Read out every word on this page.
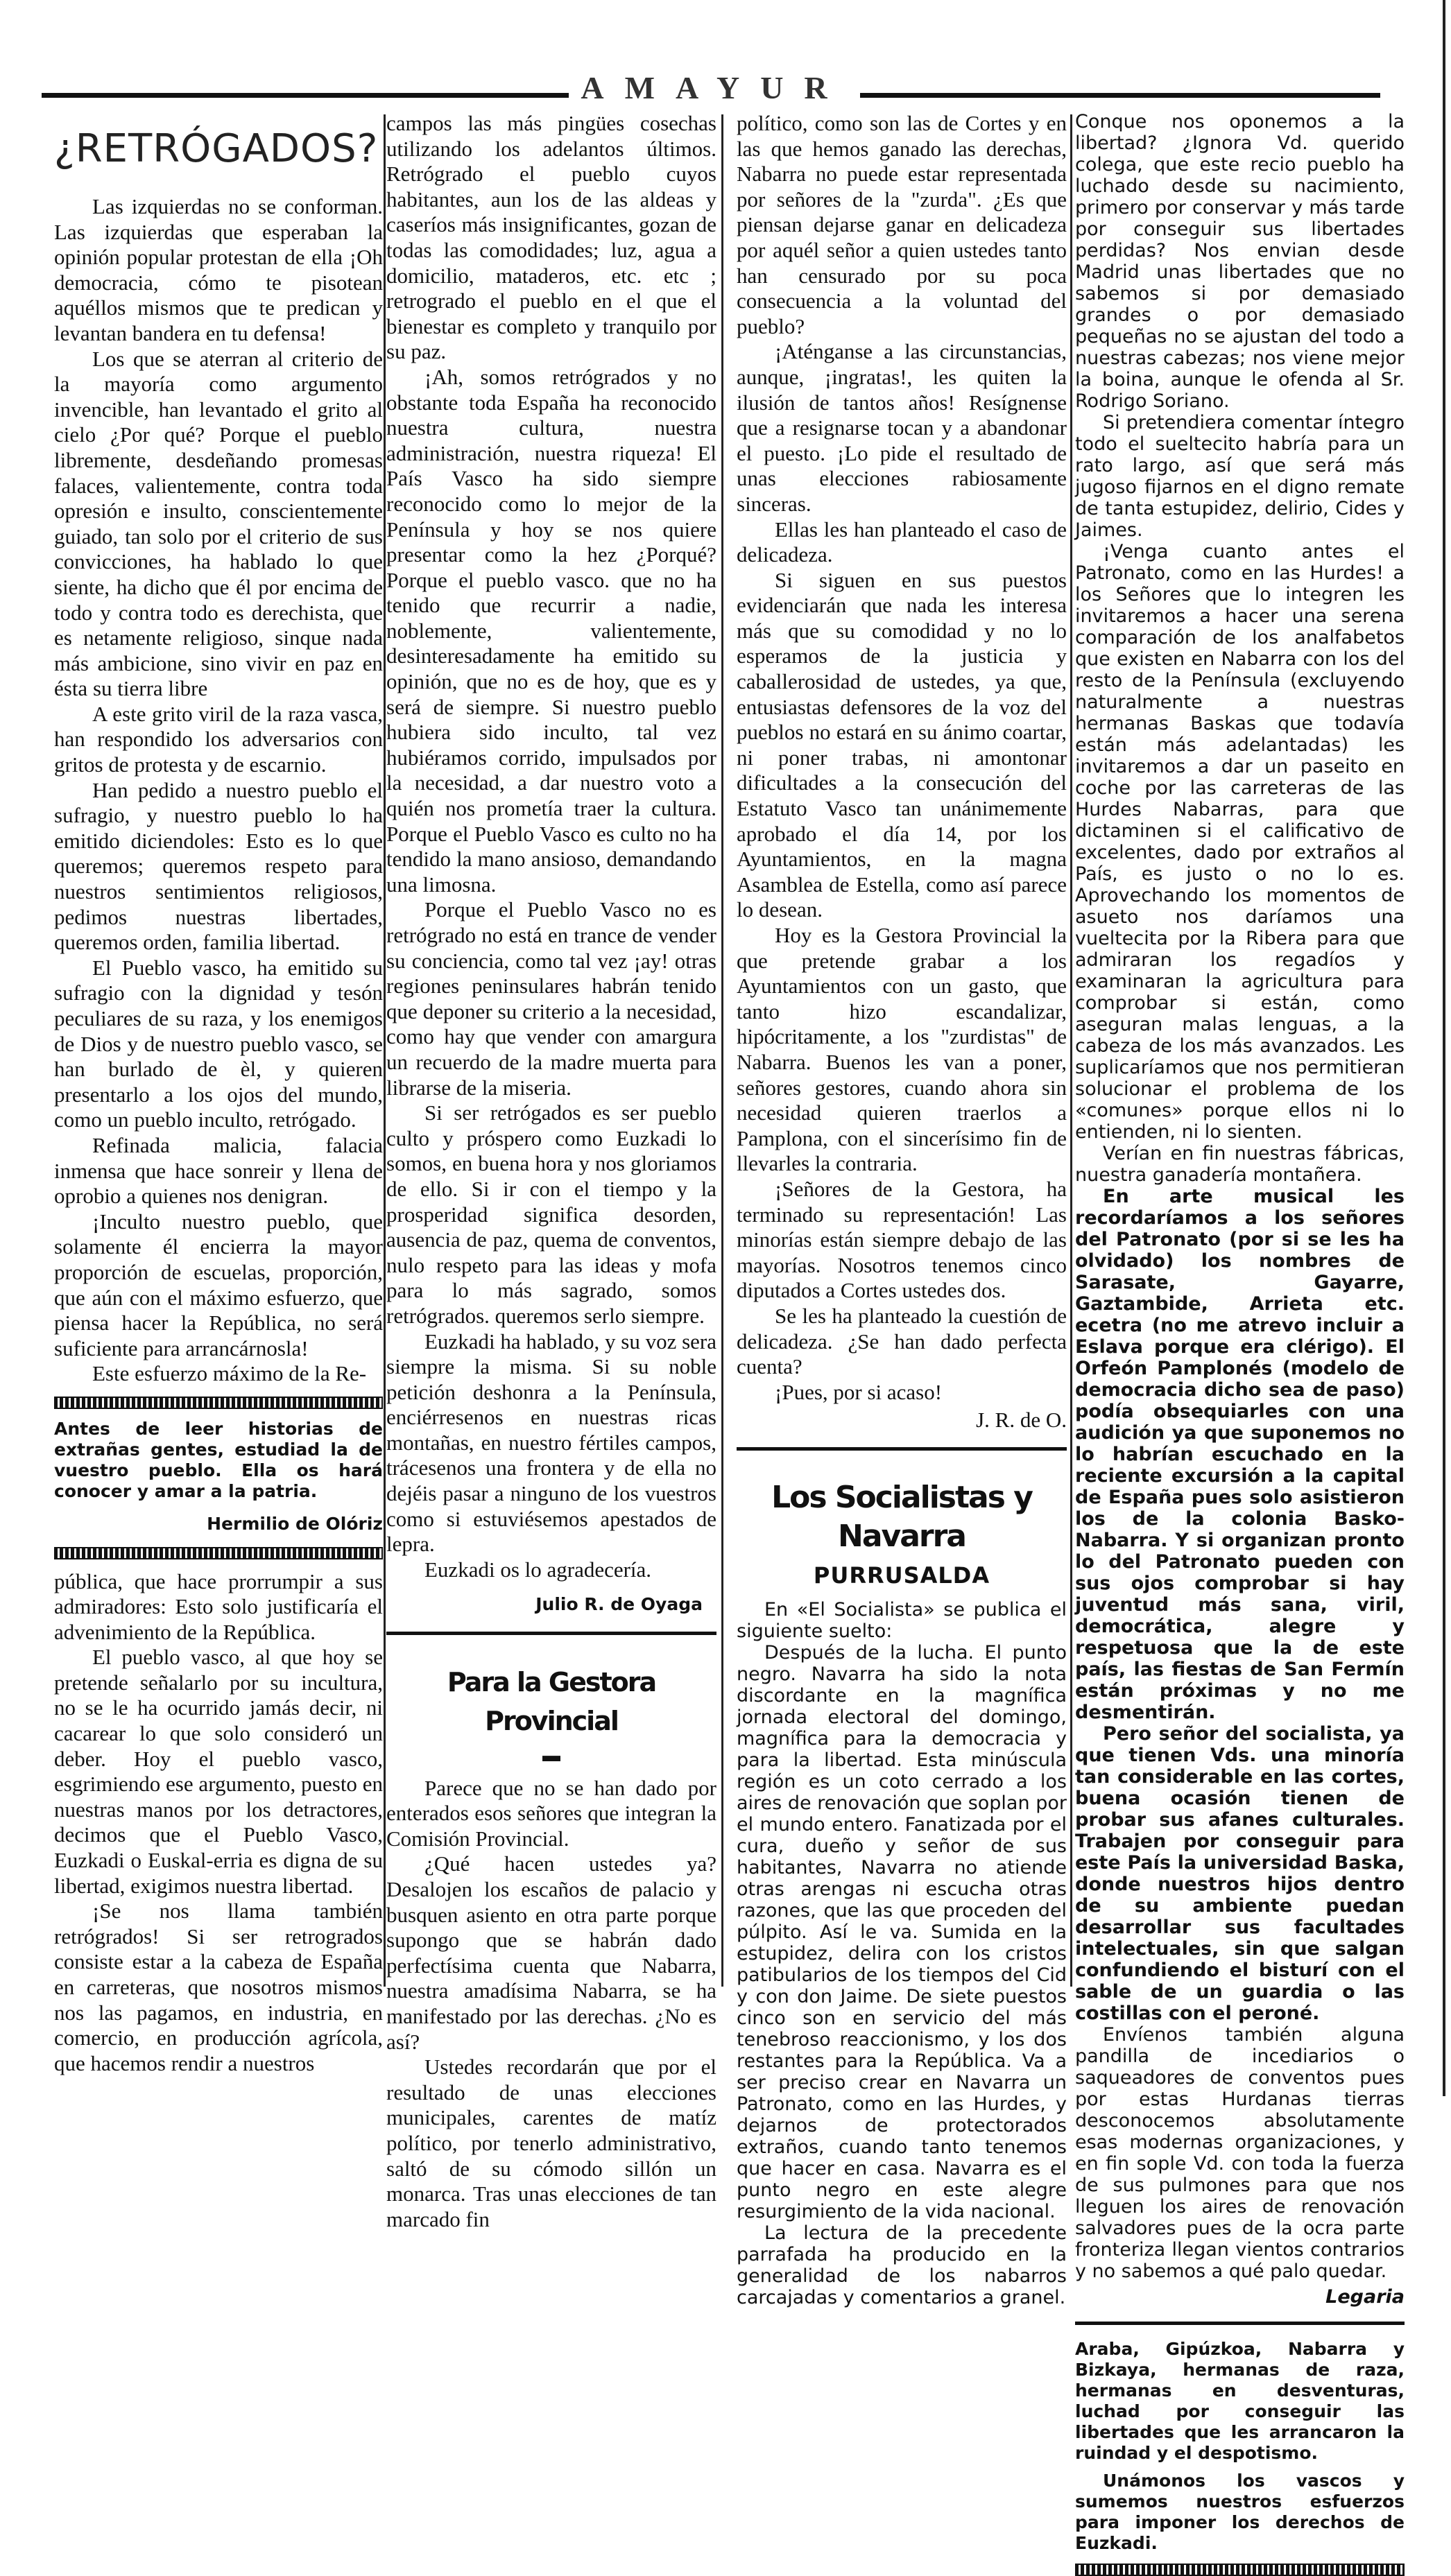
AMAYUR
¿RETRÓGADOS?

Las izquierdas no se conforman. Las izquierdas que esperaban la opinión popular protestan de ella ¡Oh democracia, cómo te pisotean aquéllos mismos que te predican y levantan bandera en tu defensa!

Los que se aterran al criterio de la mayoría como argumento invencible, han levantado el grito al cielo ¿Por qué? Porque el pueblo libremente, desdeñando promesas falaces, valientemente, contra toda opresión e insulto, conscientemente guiado, tan solo por el criterio de sus convicciones, ha hablado lo que siente, ha dicho que él por encima de todo y contra todo es derechista, que es netamente religioso, sinque nada más ambicione, sino vivir en paz en ésta su tierra libre

A este grito viril de la raza vasca, han respondido los adversarios con gritos de protesta y de escarnio.

Han pedido a nuestro pueblo el sufragio, y nuestro pueblo lo ha emitido diciendoles: Esto es lo que queremos; queremos respeto para nuestros sentimientos religiosos, pedimos nuestras libertades, queremos orden, familia libertad.

El Pueblo vasco, ha emitido su sufragio con la dignidad y tesón peculiares de su raza, y los enemigos de Dios y de nuestro pueblo vasco, se han burlado de èl, y quieren presentarlo a los ojos del mundo, como un pueblo inculto, retrógado.

Refinada malicia, falacia inmensa que hace sonreir y llena de oprobio a quienes nos denigran.

¡Inculto nuestro pueblo, que solamente él encierra la mayor proporción de escuelas, proporción, que aún con el máximo esfuerzo, que piensa hacer la República, no será suficiente para arrancárnosla!

Este esfuerzo máximo de la Re-

Antes de leer historias de extrañas gentes, estudiad la de vuestro pueblo. Ella os hará conocer y amar a la patria.
Hermilio de Olóriz

pública, que hace prorrumpir a sus admiradores: Esto solo justificaría el advenimiento de la República.

El pueblo vasco, al que hoy se pretende señalarlo por su incultura, no se le ha ocurrido jamás decir, ni cacarear lo que solo consideró un deber. Hoy el pueblo vasco, esgrimiendo ese argumento, puesto en nuestras manos por los detractores, decimos que el Pueblo Vasco, Euzkadi o Euskal-erria es digna de su libertad, exigimos nuestra libertad.

¡Se nos llama también retrógrados! Si ser retrogrados consiste estar a la cabeza de España en carreteras, que nosotros mismos nos las pagamos, en industria, en comercio, en producción agrícola, que hacemos rendir a nuestros

campos las más pingües cosechas utilizando los adelantos últimos. Retrógrado el pueblo cuyos habitantes, aun los de las aldeas y caseríos más insignificantes, gozan de todas las comodidades; luz, agua a domicilio, mataderos, etc. etc ; retrogrado el pueblo en el que el bienestar es completo y tranquilo por su paz.

¡Ah, somos retrógrados y no obstante toda España ha reconocido nuestra cultura, nuestra administración, nuestra riqueza! El País Vasco ha sido siempre reconocido como lo mejor de la Península y hoy se nos quiere presentar como la hez ¿Porqué? Porque el pueblo vasco. que no ha tenido que recurrir a nadie, noblemente, valientemente, desinteresadamente ha emitido su opinión, que no es de hoy, que es y será de siempre. Si nuestro pueblo hubiera sido inculto, tal vez hubiéramos corrido, impulsados por la necesidad, a dar nuestro voto a quién nos prometía traer la cultura. Porque el Pueblo Vasco es culto no ha tendido la mano ansioso, demandando una limosna.

Porque el Pueblo Vasco no es retrógrado no está en trance de vender su conciencia, como tal vez ¡ay! otras regiones peninsulares habrán tenido que deponer su criterio a la necesidad, como hay que vender con amargura un recuerdo de la madre muerta para librarse de la miseria.

Si ser retrógados es ser pueblo culto y próspero como Euzkadi lo somos, en buena hora y nos gloriamos de ello. Si ir con el tiempo y la prosperidad significa desorden, ausencia de paz, quema de conventos, nulo respeto para las ideas y mofa para lo más sagrado, somos retrógrados. queremos serlo siempre.

Euzkadi ha hablado, y su voz sera siempre la misma. Si su noble petición deshonra a la Península, enciérresenos en nuestras ricas montañas, en nuestro fértiles campos, trácesenos una frontera y de ella no dejéis pasar a ninguno de los vuestros como si estuviésemos apestados de lepra.

Euzkadi os lo agradecería.

Julio R. de Oyaga
Para la Gestora Provincial
▬

Parece que no se han dado por enterados esos señores que integran la Comisión Provincial.

¿Qué hacen ustedes ya? Desalojen los escaños de palacio y busquen asiento en otra parte porque supongo que se habrán dado perfectísima cuenta que Nabarra, nuestra amadísima Nabarra, se ha manifestado por las derechas. ¿No es así?

Ustedes recordarán que por el resultado de unas elecciones municipales, carentes de matíz político, por tenerlo administrativo, saltó de su cómodo sillón un monarca. Tras unas elecciones de tan marcado fin

político, como son las de Cortes y en las que hemos ganado las derechas, Nabarra no puede estar representada por señores de la "zurda". ¿Es que piensan dejarse ganar en delicadeza por aquél señor a quien ustedes tanto han censurado por su poca consecuencia a la voluntad del pueblo?

¡Aténganse a las circunstancias, aunque, ¡ingratas!, les quiten la ilusión de tantos años! Resígnense que a resignarse tocan y a abandonar el puesto. ¡Lo pide el resultado de unas elecciones rabiosamente sinceras.

Ellas les han planteado el caso de delicadeza.

Si siguen en sus puestos evidenciarán que nada les interesa más que su comodidad y no lo esperamos de la justicia y caballerosidad de ustedes, ya que, entusiastas defensores de la voz del pueblos no estará en su ánimo coartar, ni poner trabas, ni amontonar dificultades a la consecución del Estatuto Vasco tan unánimemente aprobado el día 14, por los Ayuntamientos, en la magna Asamblea de Estella, como así parece lo desean.

Hoy es la Gestora Provincial la que pretende grabar a los Ayuntamientos con un gasto, que tanto hizo escandalizar, hipócritamente, a los "zurdistas" de Nabarra. Buenos les van a poner, señores gestores, cuando ahora sin necesidad quieren traerlos a Pamplona, con el sincerísimo fin de llevarles la contraria.

¡Señores de la Gestora, ha terminado su representación! Las minorías están siempre debajo de las mayorías. Nosotros tenemos cinco diputados a Cortes ustedes dos.

Se les ha planteado la cuestión de delicadeza. ¿Se han dado perfecta cuenta?

¡Pues, por si acaso!

J. R. de O.
Los Socialistas y Navarra
PURRUSALDA

En «El Socialista» se publica el siguiente suelto:

Después de la lucha. El punto negro. Navarra ha sido la nota discordante en la magnífica jornada electoral del domingo, magnífica para la democracia y para la libertad. Esta minúscula región es un coto cerrado a los aires de renovación que soplan por el mundo entero. Fanatizada por el cura, dueño y señor de sus habitantes, Navarra no atiende otras arengas ni escucha otras razones, que las que proceden del púlpito. Así le va. Sumida en la estupidez, delira con los cristos patibularios de los tiempos del Cid y con don Jaime. De siete puestos cinco son en servicio del más tenebroso reaccionismo, y los dos restantes para la República. Va a ser preciso crear en Navarra un Patronato, como en las Hurdes, y dejarnos de protectorados extraños, cuando tanto tenemos que hacer en casa. Navarra es el punto negro en este alegre resurgimiento de la vida nacional.

La lectura de la precedente parrafada ha producido en la generalidad de los nabarros carcajadas y comentarios a granel.

Conque nos oponemos a la libertad? ¿Ignora Vd. querido colega, que este recio pueblo ha luchado desde su nacimiento, primero por conservar y más tarde por conseguir sus libertades perdidas? Nos envian desde Madrid unas libertades que no sabemos si por demasiado grandes o por demasiado pequeñas no se ajustan del todo a nuestras cabezas; nos viene mejor la boina, aunque le ofenda al Sr. Rodrigo Soriano.

Si pretendiera comentar íntegro todo el sueltecito habría para un rato largo, así que será más jugoso fijarnos en el digno remate de tanta estupidez, delirio, Cides y Jaimes.

¡Venga cuanto antes el Patronato, como en las Hurdes! a los Señores que lo integren les invitaremos a hacer una serena comparación de los analfabetos que existen en Nabarra con los del resto de la Península (excluyendo naturalmente a nuestras hermanas Baskas que todavía están más adelantadas) les invitaremos a dar un paseito en coche por las carreteras de las Hurdes Nabarras, para que dictaminen si el calificativo de excelentes, dado por extraños al País, es justo o no lo es. Aprovechando los momentos de asueto nos daríamos una vueltecita por la Ribera para que admiraran los regadíos y examinaran la agricultura para comprobar si están, como aseguran malas lenguas, a la cabeza de los más avanzados. Les suplicaríamos que nos permitieran solucionar el problema de los «comunes» porque ellos ni lo entienden, ni lo sienten.

Verían en fin nuestras fábricas, nuestra ganadería montañera.

En arte musical les recordaríamos a los señores del Patronato (por si se les ha olvidado) los nombres de Sarasate, Gayarre, Gaztambide, Arrieta etc. ecetra (no me atrevo incluir a Eslava porque era clérigo). El Orfeón Pamplonés (modelo de democracia dicho sea de paso) podía obsequiarles con una audición ya que suponemos no lo habrían escuchado en la reciente excursión a la capital de España pues solo asistieron los de la colonia Basko-Nabarra. Y si organizan pronto lo del Patronato pueden con sus ojos comprobar si hay juventud más sana, viril, democrática, alegre y respetuosa que la de este país, las fiestas de San Fermín están próximas y no me desmentirán.

Pero señor del socialista, ya que tienen Vds. una minoría tan considerable en las cortes, buena ocasión tienen de probar sus afanes culturales. Trabajen por conseguir para este País la universidad Baska, donde nuestros hijos dentro de su ambiente puedan desarrollar sus facultades intelectuales, sin que salgan confundiendo el bisturí con el sable de un guardia o las costillas con el peroné.

Envíenos también alguna pandilla de incediarios o saqueadores de conventos pues por estas Hurdanas tierras desconocemos absolutamente esas modernas organizaciones, y en fin sople Vd. con toda la fuerza de sus pulmones para que nos lleguen los aires de renovación salvadores pues de la ocra parte fronteriza llegan vientos contrarios y no sabemos a qué palo quedar.

Legaria
Araba, Gipúzkoa, Nabarra y Bizkaya, hermanas de raza, hermanas en desventuras, luchad por conseguir las libertades que les arrancaron la ruindad y el despotismo.
Unámonos los vascos y sumemos nuestros esfuerzos para imponer los derechos de Euzkadi.
